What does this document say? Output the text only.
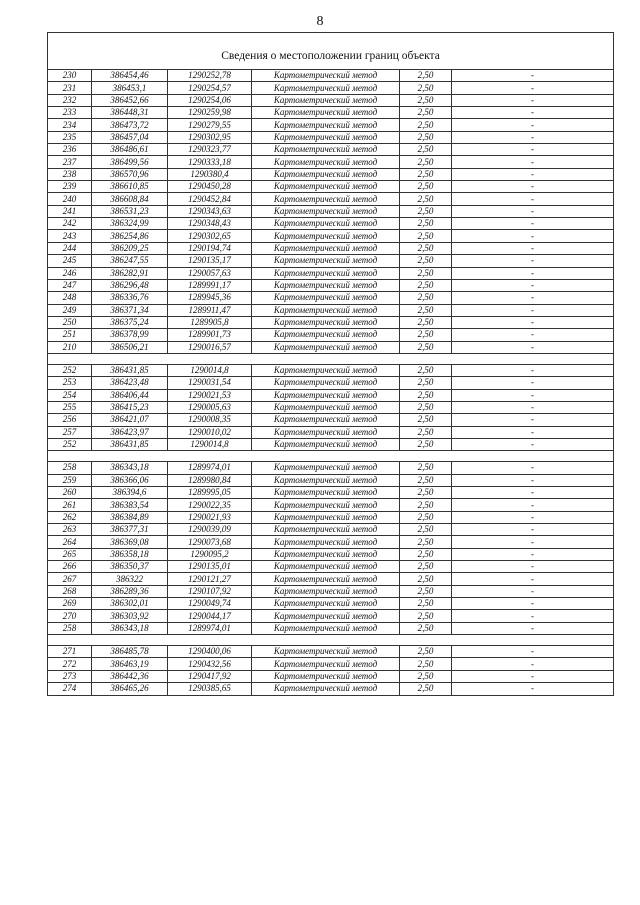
8
Сведения о местоположении границ объекта					
230	386454,46	1290252,78	Картометрический метод	2,50	-
231	386453,1	1290254,57	Картометрический метод	2,50	-
232	386452,66	1290254,06	Картометрический метод	2,50	-
233	386448,31	1290259,98	Картометрический метод	2,50	-
234	386473,72	1290279,55	Картометрический метод	2,50	-
235	386457,04	1290302,95	Картометрический метод	2,50	-
236	386486,61	1290323,77	Картометрический метод	2,50	-
237	386499,56	1290333,18	Картометрический метод	2,50	-
238	386570,96	1290380,4	Картометрический метод	2,50	-
239	386610,85	1290450,28	Картометрический метод	2,50	-
240	386608,84	1290452,84	Картометрический метод	2,50	-
241	386531,23	1290343,63	Картометрический метод	2,50	-
242	386324,99	1290348,43	Картометрический метод	2,50	-
243	386254,86	1290302,65	Картометрический метод	2,50	-
244	386209,25	1290194,74	Картометрический метод	2,50	-
245	386247,55	1290135,17	Картометрический метод	2,50	-
246	386282,91	1290057,63	Картометрический метод	2,50	-
247	386296,48	1289991,17	Картометрический метод	2,50	-
248	386336,76	1289945,36	Картометрический метод	2,50	-
249	386371,34	1289911,47	Картометрический метод	2,50	-
250	386375,24	1289905,8	Картометрический метод	2,50	-
251	386378,99	1289901,73	Картометрический метод	2,50	-
210	386506,21	1290016,57	Картометрический метод	2,50	-

252	386431,85	1290014,8	Картометрический метод	2,50	-
253	386423,48	1290031,54	Картометрический метод	2,50	-
254	386406,44	1290021,53	Картометрический метод	2,50	-
255	386415,23	1290005,63	Картометрический метод	2,50	-
256	386421,07	1290008,35	Картометрический метод	2,50	-
257	386423,97	1290010,02	Картометрический метод	2,50	-
252	386431,85	1290014,8	Картометрический метод	2,50	-

258	386343,18	1289974,01	Картометрический метод	2,50	-
259	386366,06	1289980,84	Картометрический метод	2,50	-
260	386394,6	1289995,05	Картометрический метод	2,50	-
261	386383,54	1290022,35	Картометрический метод	2,50	-
262	386384,89	1290021,93	Картометрический метод	2,50	-
263	386377,31	1290039,09	Картометрический метод	2,50	-
264	386369,08	1290073,68	Картометрический метод	2,50	-
265	386358,18	1290095,2	Картометрический метод	2,50	-
266	386350,37	1290135,01	Картометрический метод	2,50	-
267	386322	1290121,27	Картометрический метод	2,50	-
268	386289,36	1290107,92	Картометрический метод	2,50	-
269	386302,01	1290049,74	Картометрический метод	2,50	-
270	386303,92	1290044,17	Картометрический метод	2,50	-
258	386343,18	1289974,01	Картометрический метод	2,50	-

271	386485,78	1290400,06	Картометрический метод	2,50	-
272	386463,19	1290432,56	Картометрический метод	2,50	-
273	386442,36	1290417,92	Картометрический метод	2,50	-
274	386465,26	1290385,65	Картометрический метод	2,50	-
